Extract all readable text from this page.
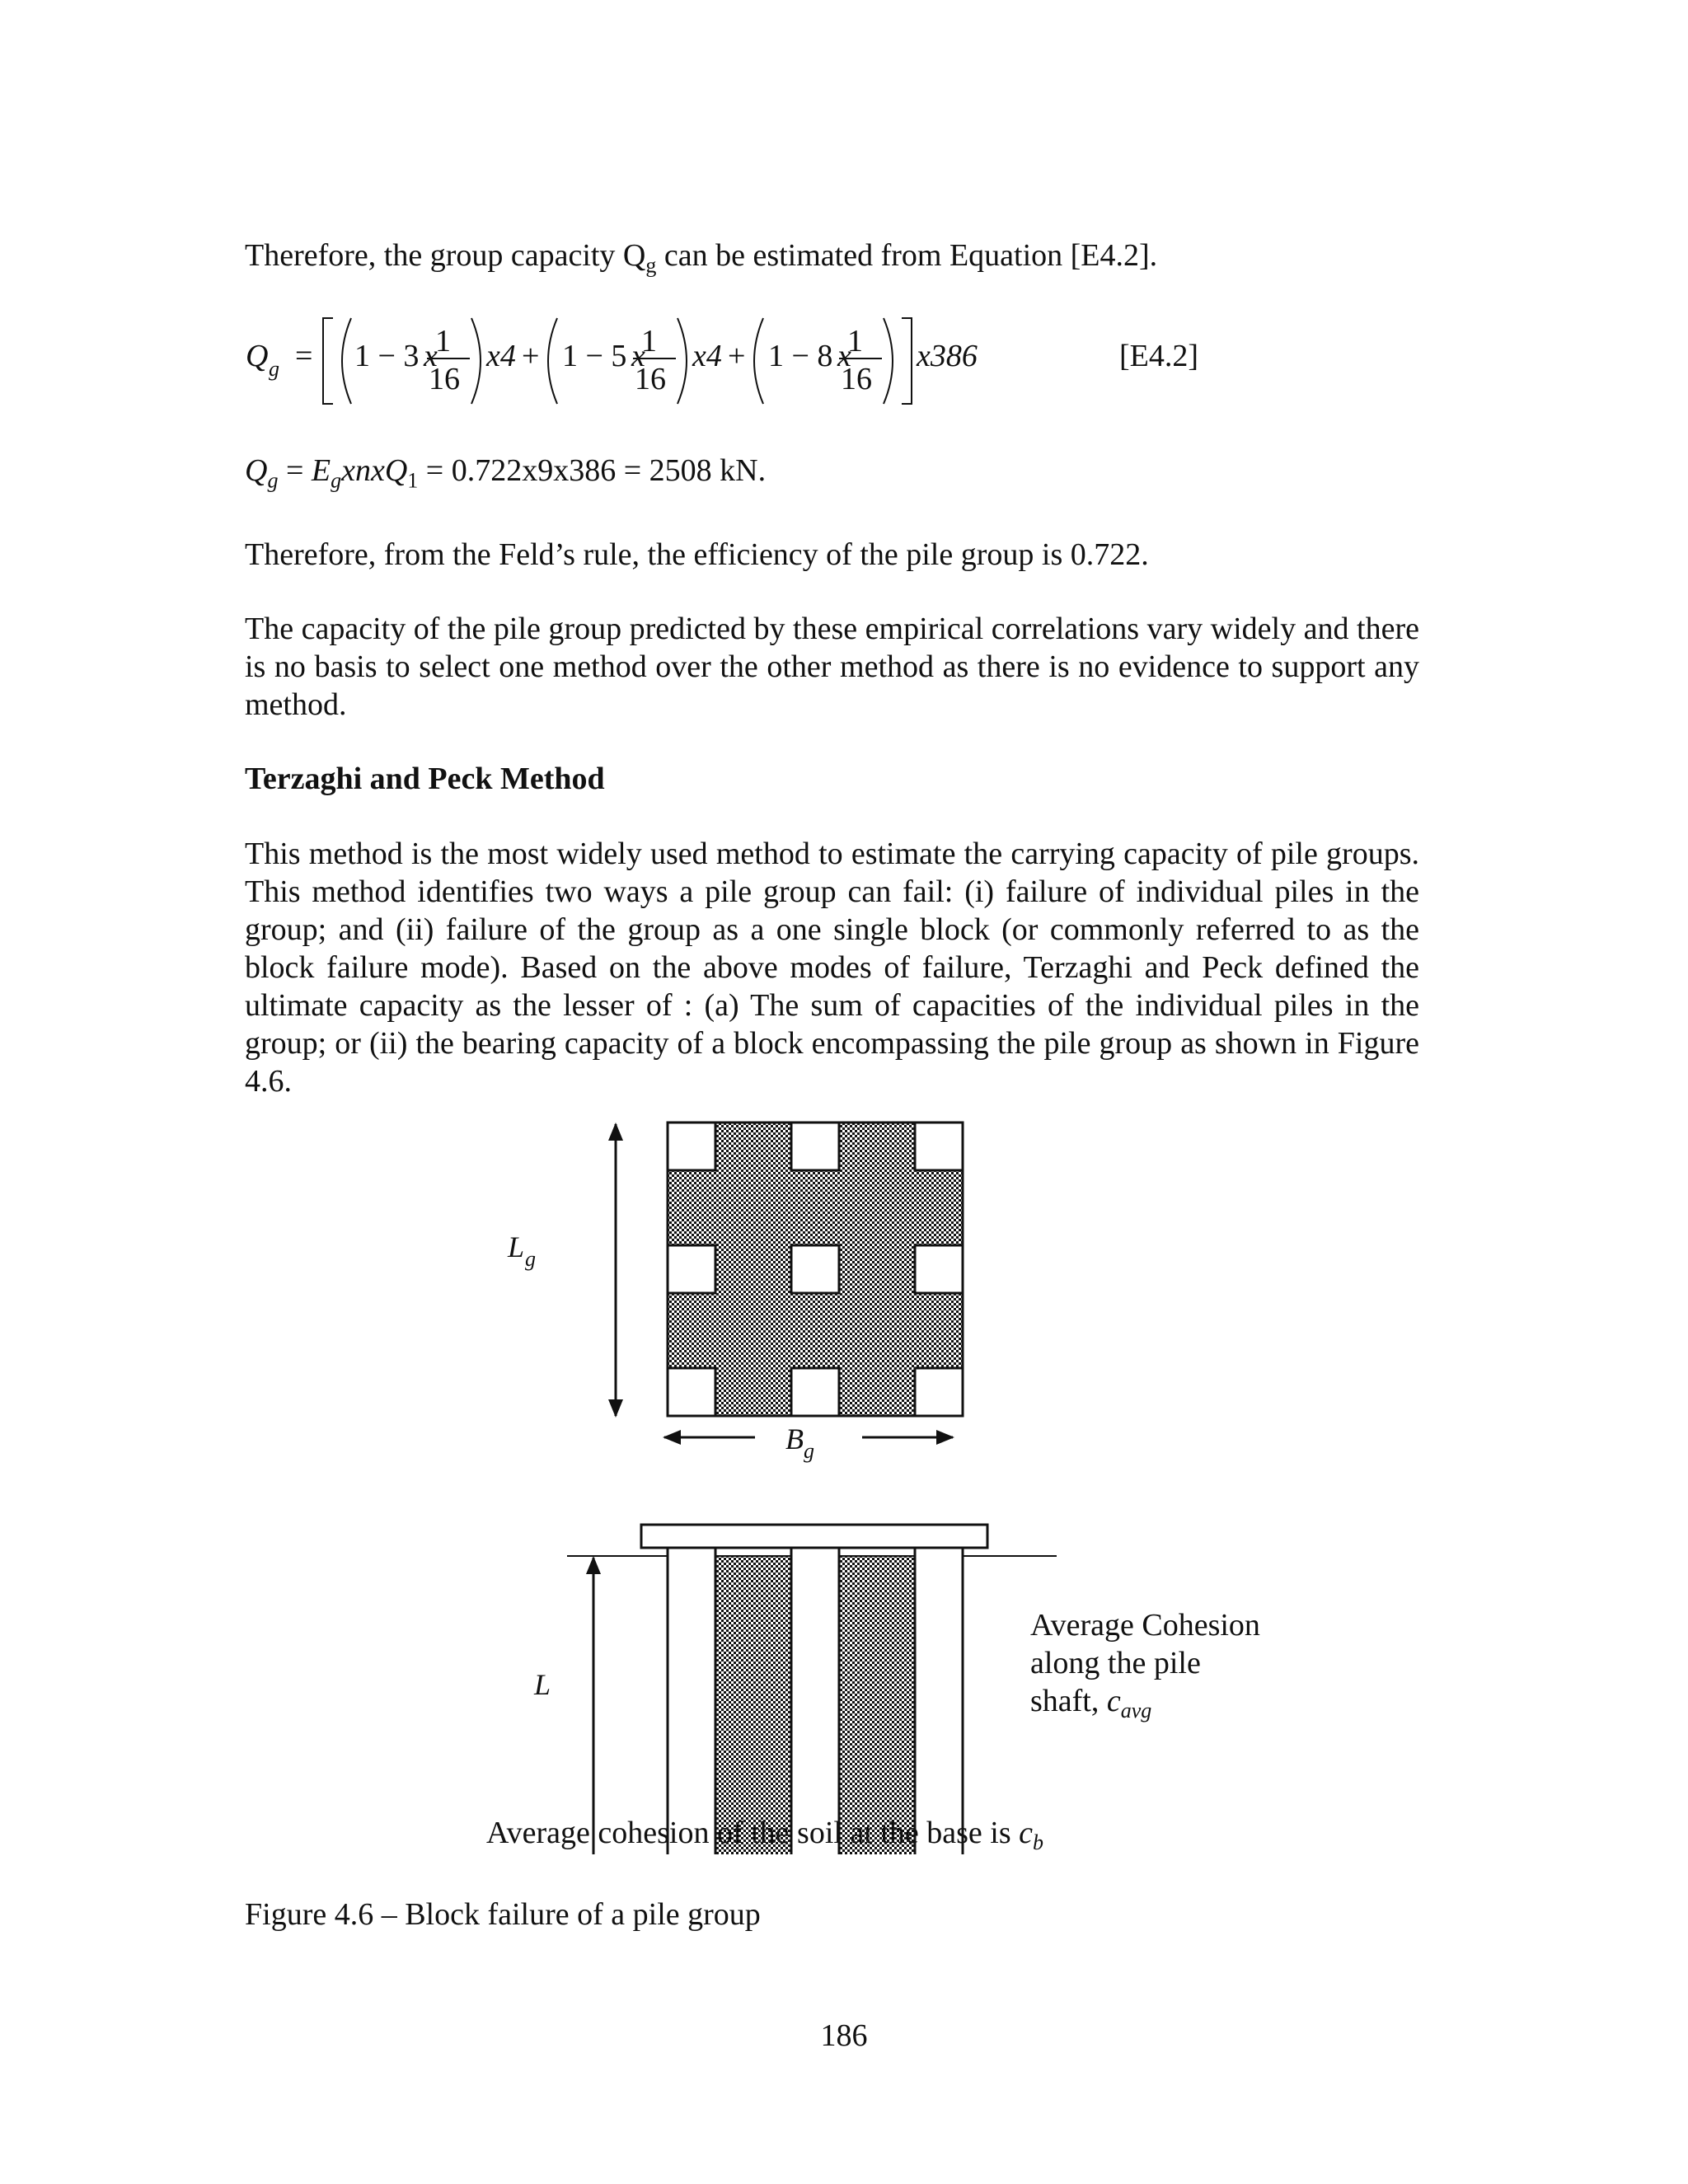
Therefore, the group capacity $Q_g$ can be estimated from Equation [E4.2].

Q g = 1 − 3 x
1
16
x4 + 1 − 5 x
1
16
x4 + 1 − 8 x
1
16
x386	[E4.2]
$Q_g$ = $E_gxnxQ_1 = 0.722x9x386 = 2508$ kN.

Therefore, from the Feld’s rule, the efficiency of the pile group is 0.722.

The capacity of the pile group predicted by these empirical correlations vary widely and there is no basis to select one method over the other method as there is no evidence to support any method.

Terzaghi and Peck Method

This method is the most widely used method to estimate the carrying capacity of pile groups. This method identifies two ways a pile group can fail: (i) failure of individual piles in the group; and (ii) failure of the group as a one single block (or commonly referred to as the block failure mode). Based on the above modes of failure, Terzaghi and Peck defined the ultimate capacity as the lesser of : (a) The sum of capacities of the individual piles in the group; or (ii) the bearing capacity of a block encompassing the pile group as shown in Figure 4.6.

L g
B g
L
Average Cohesion
along the pile
shaft, $c_{avg}$
Average cohesion of the soil at the base is $c_b$
Figure 4.6 – Block failure of a pile group
186
